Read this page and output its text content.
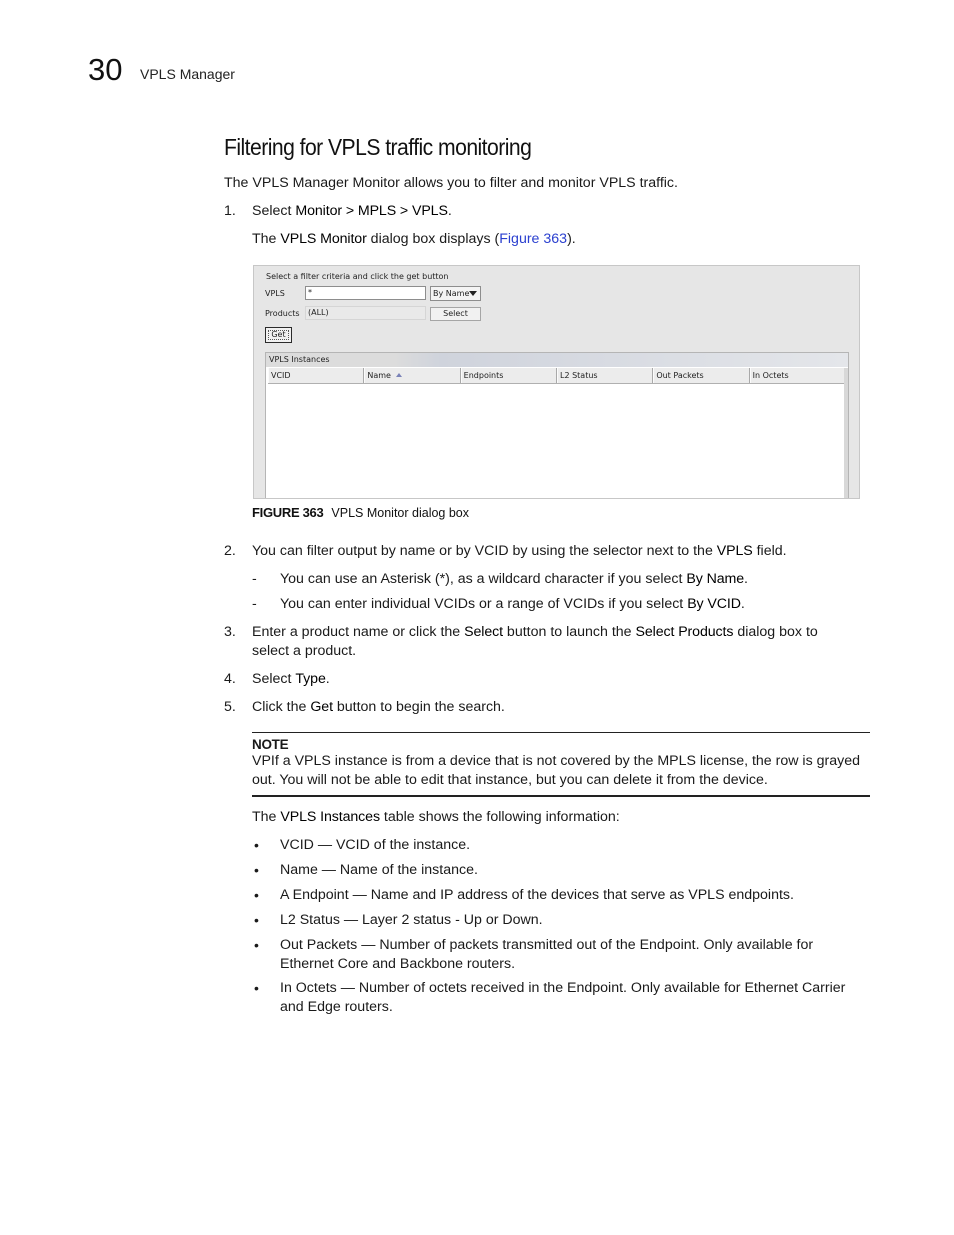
30 VPLS Manager
Filtering for VPLS traffic monitoring
The VPLS Manager Monitor allows you to filter and monitor VPLS traffic.
1. Select Monitor > MPLS > VPLS.
The VPLS Monitor dialog box displays (Figure 363).
Select a filter criteria and click the get button
VPLS	*	By Name
Products	(ALL)	Select
Get
VPLS Instances
VCID	Name	Endpoints	L2 Status	Out Packets	In Octets
FIGURE 363 VPLS Monitor dialog box
2. You can filter output by name or by VCID by using the selector next to the VPLS field.
- You can use an Asterisk (*), as a wildcard character if you select By Name.
- You can enter individual VCIDs or a range of VCIDs if you select By VCID.
3. Enter a product name or click the Select button to launch the Select Products dialog box to select a product.
4. Select Type.
5. Click the Get button to begin the search.
NOTE
VPIf a VPLS instance is from a device that is not covered by the MPLS license, the row is grayed out. You will not be able to edit that instance, but you can delete it from the device.
The VPLS Instances table shows the following information:
• VCID — VCID of the instance.
• Name — Name of the instance.
• A Endpoint — Name and IP address of the devices that serve as VPLS endpoints.
• L2 Status — Layer 2 status - Up or Down.
• Out Packets — Number of packets transmitted out of the Endpoint. Only available for Ethernet Core and Backbone routers.
• In Octets — Number of octets received in the Endpoint. Only available for Ethernet Carrier and Edge routers.
